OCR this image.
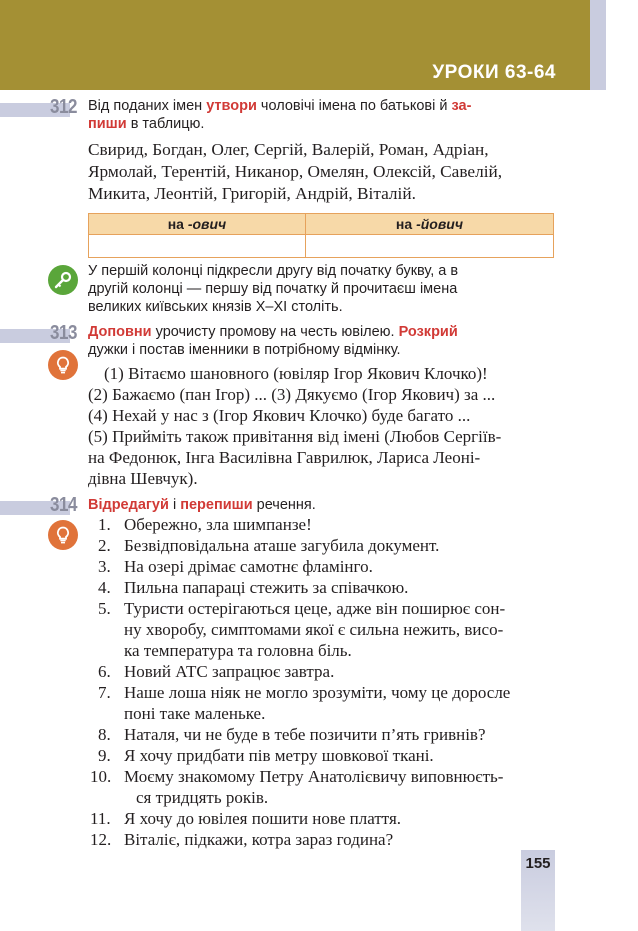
УРОКИ 63-64
312 Від поданих імен утвори чоловічі імена по батькові й за-
пиши в таблицю.
Свирид, Богдан, Олег, Сергій, Валерій, Роман, Адріан,
Ярмолай, Терентій, Никанор, Омелян, Олексій, Савелій,
Микита, Леонтій, Григорій, Андрій, Віталій.
на -ович	на -йович

У першій колонці підкресли другу від початку букву, а в
другій колонці — першу від початку й прочитаєш імена
великих київських князів X–XI століть.
313 Доповни урочисту промову на честь ювілею. Розкрий
дужки і постав іменники в потрібному відмінку.
(1) Вітаємо шановного (ювіляр Ігор Якович Клочко)!
(2) Бажаємо (пан Ігор) ... (3) Дякуємо (Ігор Якович) за ...
(4) Нехай у нас з (Ігор Якович Клочко) буде багато ...
(5) Прийміть також привітання від імені (Любов Сергіїв-
на Федонюк, Інга Василівна Гаврилюк, Лариса Леоні-
дівна Шевчук).
314 Відредагуй і перепиши речення.
1. Обережно, зла шимпанзе!
2. Безвідповідальна аташе загубила документ.
3. На озері дрімає самотнє фламінго.
4. Пильна папараці стежить за співачкою.
5. Туристи остерігаються цеце, адже він поширює сон-
ну хворобу, симптомами якої є сильна нежить, висо-
ка температура та головна біль.
6. Новий АТС запрацює завтра.
7. Наше лоша ніяк не могло зрозуміти, чому це доросле
поні таке маленьке.
8. Наталя, чи не буде в тебе позичити п’ять гривнів?
9. Я хочу придбати пів метру шовкової тканi.
10. Моєму знакомому Петру Анатолієвичу виповнюєть-
ся тридцять років.
11. Я хочу до ювілея пошити нове плаття.
12. Віталіє, підкажи, котра зараз година?
155
